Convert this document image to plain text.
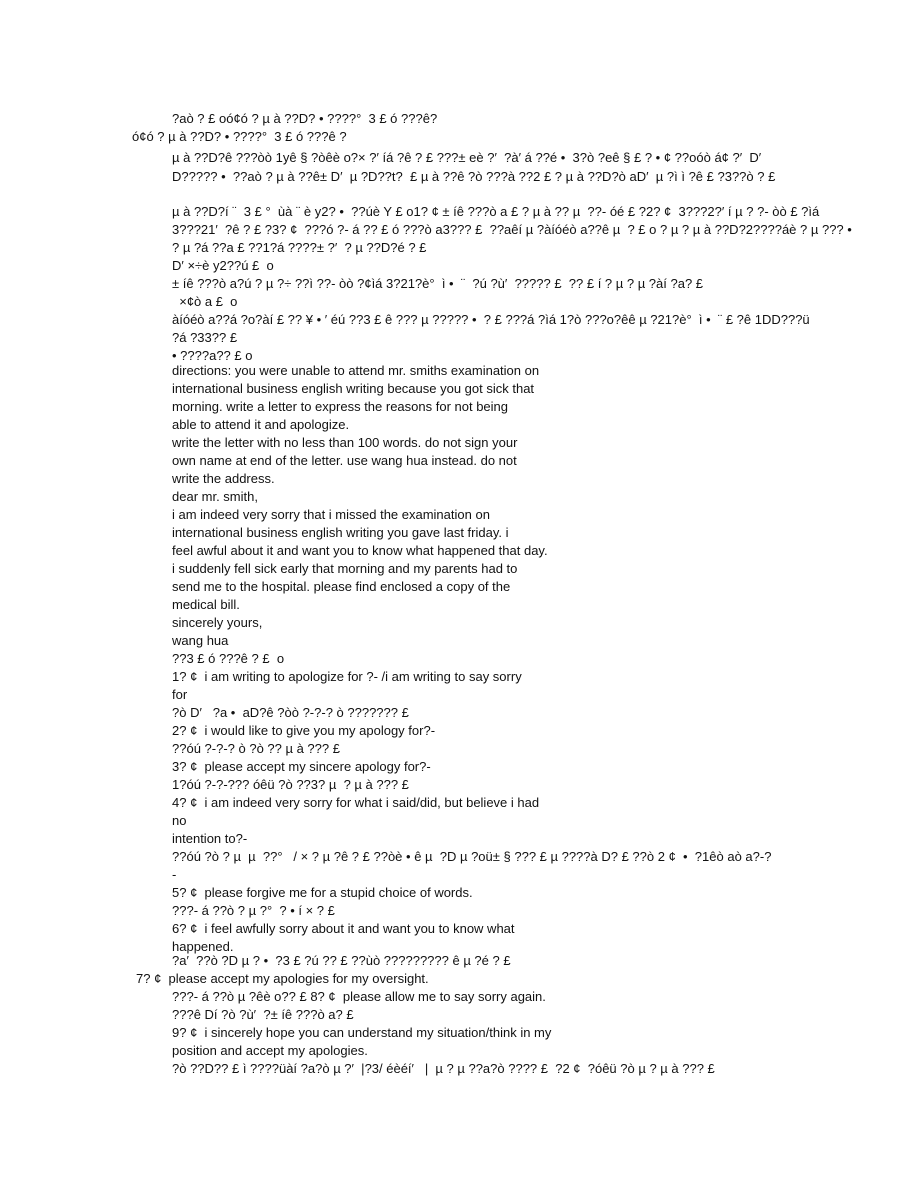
?aò ? £ oó¢ó ? µ à ??D? • ????°  3 £ ó ???ê?
ó¢ó ? µ à ??D? • ????°  3 £ ó ???ê ?
µ à ??D?ê ???òò 1yê § ?òêè o?× ?′ íá ?ê ? £ ???± eè ?′  ?à′ á ??é •  3?ò ?eê § £ ? • ¢ ??oóò á¢ ?′  D′
D????? •  ??aò ? µ à ??ê± D′  µ ?D??t?  £ µ à ??ê ?ò ???à ??2 £ ? µ à ??D?ò aD′  µ ?ì ì ?ê £ ?3??ò ? £
µ à ??D?í ¨  3 £ °  ùà ¨ è y2? •  ??úè Y £ o1? ¢ ± íê ???ò a £ ? µ à ?? µ  ??- óé £ ?2? ¢  3???2?′ í µ ? ?- òò £ ?ìá
3???21′  ?ê ? £ ?3? ¢  ???ó ?- á ?? £ ó ???ò a3??? £  ??aêí µ ?àíóéò a??ê µ  ? £ o ? µ ? µ à ??D?2????áè ? µ ??? •
? µ ?á ??a £ ??1?á ????± ?′  ? µ ??D?é ? £
D′ ×÷è y2??ú £  o
± íê ???ò a?ú ? µ ?÷ ??ì ??- òò ?¢ìá 3?21?è°  ì •  ¨  ?ú ?ù′  ????? £  ?? £ í ? µ ? µ ?àí ?a? £
×¢ò a £  o
àíóéò a??á ?o?àí £ ?? ¥ • ′ éú ??3 £ ê ??? µ ????? •  ? £ ???á ?ìá 1?ò ???o?êê µ ?21?è°  ì •  ¨ £ ?ê 1DD???ü
?á ?33?? £
• ????a?? £ o
directions: you were unable to attend mr. smiths examination on
international business english writing because you got sick that
morning. write a letter to express the reasons for not being
able to attend it and apologize.
write the letter with no less than 100 words. do not sign your
own name at end of the letter. use wang hua instead. do not
write the address.
dear mr. smith,
i am indeed very sorry that i missed the examination on
international business english writing you gave last friday. i
feel awful about it and want you to know what happened that day.
i suddenly fell sick early that morning and my parents had to
send me to the hospital. please find enclosed a copy of the
medical bill.
sincerely yours,
wang hua
??3 £ ó ???ê ? £  o
1? ¢  i am writing to apologize for ?- /i am writing to say sorry
for
?ò D′   ?a •  aD?ê ?òò ?-?-? ò ??????? £
2? ¢  i would like to give you my apology for?-
??óú ?-?-? ò ?ò ?? µ à ??? £
3? ¢  please accept my sincere apology for?-
1?óú ?-?-??? óêü ?ò ??3? µ  ? µ à ??? £
4? ¢  i am indeed very sorry for what i said/did, but believe i had
no
intention to?-
??óú ?ò ? µ  µ  ??°   / × ? µ ?ê ? £ ??òè • ê µ  ?D µ ?oü± § ??? £ µ ????à D? £ ??ò 2 ¢  •  ?1êò aò a?-?
-
5? ¢  please forgive me for a stupid choice of words.
???- á ??ò ? µ ?°  ? • í × ? £
6? ¢  i feel awfully sorry about it and want you to know what
happened.
?a′  ??ò ?D µ ? •  ?3 £ ?ú ?? £ ??ùò ????????? ê µ ?é ? £
7? ¢  please accept my apologies for my oversight.
???- á ??ò µ ?êè o?? £ 8? ¢  please allow me to say sorry again.
???ê Dí ?ò ?ù′  ?± íê ???ò a? £
9? ¢  i sincerely hope you can understand my situation/think in my
position and accept my apologies.
?ò ??D?? £ ì ????üàí ?a?ò µ ?′  |?3/ éèéí′   |  µ ? µ ??a?ò ???? £  ?2 ¢  ?óêü ?ò µ ? µ à ??? £
